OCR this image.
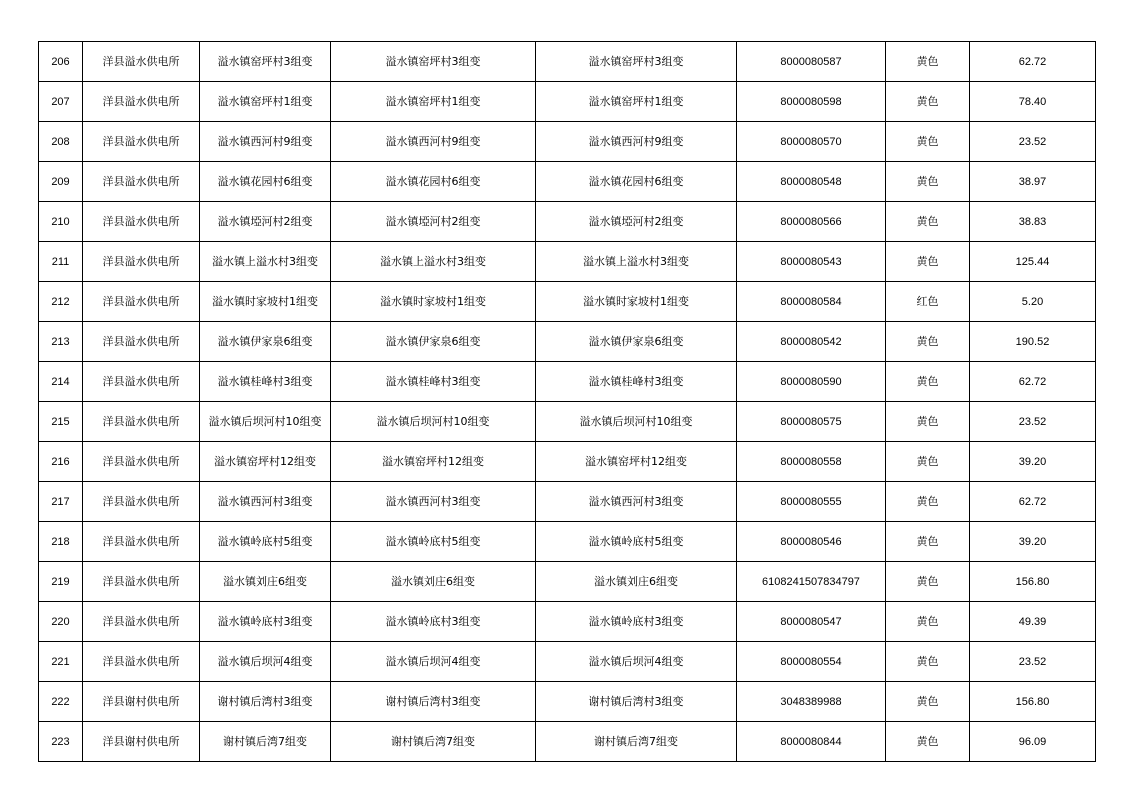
206	洋县溢水供电所	溢水镇窑坪村3组变	溢水镇窑坪村3组变	溢水镇窑坪村3组变	8000080587	黄色	62.72
207	洋县溢水供电所	溢水镇窑坪村1组变	溢水镇窑坪村1组变	溢水镇窑坪村1组变	8000080598	黄色	78.40
208	洋县溢水供电所	溢水镇西河村9组变	溢水镇西河村9组变	溢水镇西河村9组变	8000080570	黄色	23.52
209	洋县溢水供电所	溢水镇花园村6组变	溢水镇花园村6组变	溢水镇花园村6组变	8000080548	黄色	38.97
210	洋县溢水供电所	溢水镇埡河村2组变	溢水镇埡河村2组变	溢水镇埡河村2组变	8000080566	黄色	38.83
211	洋县溢水供电所	溢水镇上溢水村3组变	溢水镇上溢水村3组变	溢水镇上溢水村3组变	8000080543	黄色	125.44
212	洋县溢水供电所	溢水镇时家坡村1组变	溢水镇时家坡村1组变	溢水镇时家坡村1组变	8000080584	红色	5.20
213	洋县溢水供电所	溢水镇伊家泉6组变	溢水镇伊家泉6组变	溢水镇伊家泉6组变	8000080542	黄色	190.52
214	洋县溢水供电所	溢水镇桂峰村3组变	溢水镇桂峰村3组变	溢水镇桂峰村3组变	8000080590	黄色	62.72
215	洋县溢水供电所	溢水镇后坝河村10组变	溢水镇后坝河村10组变	溢水镇后坝河村10组变	8000080575	黄色	23.52
216	洋县溢水供电所	溢水镇窑坪村12组变	溢水镇窑坪村12组变	溢水镇窑坪村12组变	8000080558	黄色	39.20
217	洋县溢水供电所	溢水镇西河村3组变	溢水镇西河村3组变	溢水镇西河村3组变	8000080555	黄色	62.72
218	洋县溢水供电所	溢水镇岭底村5组变	溢水镇岭底村5组变	溢水镇岭底村5组变	8000080546	黄色	39.20
219	洋县溢水供电所	溢水镇刘庄6组变	溢水镇刘庄6组变	溢水镇刘庄6组变	6108241507834797	黄色	156.80
220	洋县溢水供电所	溢水镇岭底村3组变	溢水镇岭底村3组变	溢水镇岭底村3组变	8000080547	黄色	49.39
221	洋县溢水供电所	溢水镇后坝河4组变	溢水镇后坝河4组变	溢水镇后坝河4组变	8000080554	黄色	23.52
222	洋县谢村供电所	谢村镇后湾村3组变	谢村镇后湾村3组变	谢村镇后湾村3组变	3048389988	黄色	156.80
223	洋县谢村供电所	谢村镇后湾7组变	谢村镇后湾7组变	谢村镇后湾7组变	8000080844	黄色	96.09
